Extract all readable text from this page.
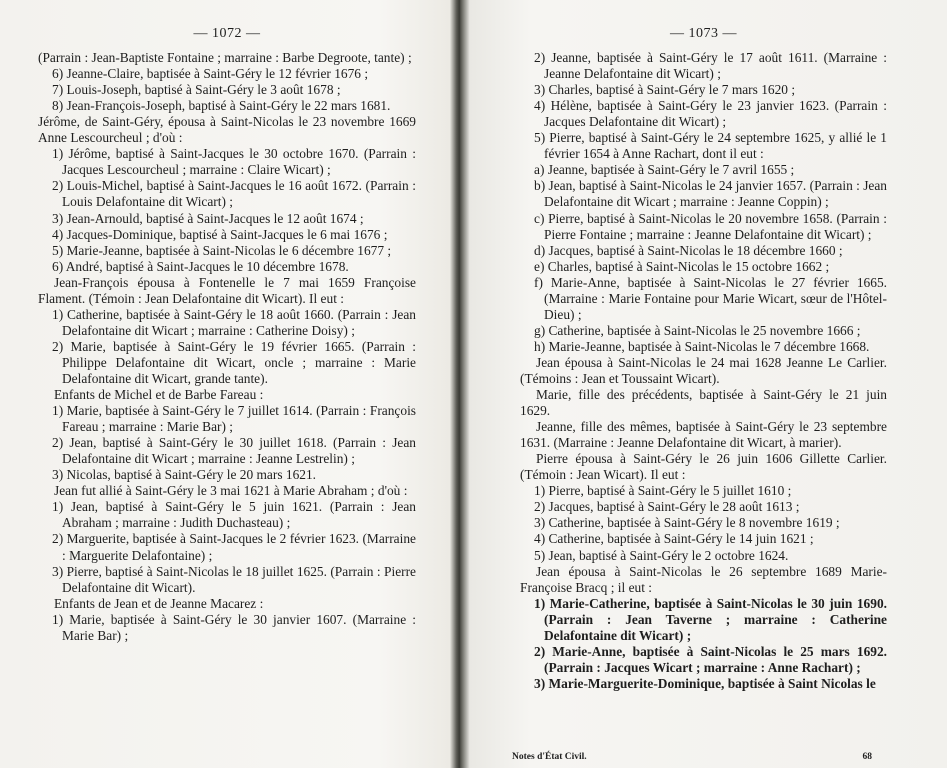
— 1072 —

(Parrain : Jean-Baptiste Fontaine ; marraine : Barbe Degroote, tante) ;

6) Jeanne-Claire, baptisée à Saint-Géry le 12 février 1676 ;

7) Louis-Joseph, baptisé à Saint-Géry le 3 août 1678 ;

8) Jean-François-Joseph, baptisé à Saint-Géry le 22 mars 1681.

Jérôme, de Saint-Géry, épousa à Saint-Nicolas le 23 novembre 1669 Anne Lescourcheul ; d'où :

1) Jérôme, baptisé à Saint-Jacques le 30 octobre 1670. (Parrain : Jacques Lescourcheul ; marraine : Claire Wicart) ;

2) Louis-Michel, baptisé à Saint-Jacques le 16 août 1672. (Parrain : Louis Delafontaine dit Wicart) ;

3) Jean-Arnould, baptisé à Saint-Jacques le 12 août 1674 ;

4) Jacques-Dominique, baptisé à Saint-Jacques le 6 mai 1676 ;

5) Marie-Jeanne, baptisée à Saint-Nicolas le 6 décembre 1677 ;

6) André, baptisé à Saint-Jacques le 10 décembre 1678.

Jean-François épousa à Fontenelle le 7 mai 1659 Françoise Flament. (Témoin : Jean Delafontaine dit Wicart). Il eut :

1) Catherine, baptisée à Saint-Géry le 18 août 1660. (Parrain : Jean Delafontaine dit Wicart ; marraine : Catherine Doisy) ;

2) Marie, baptisée à Saint-Géry le 19 février 1665. (Parrain : Philippe Delafontaine dit Wicart, oncle ; marraine : Marie Delafontaine dit Wicart, grande tante).

Enfants de Michel et de Barbe Fareau :

1) Marie, baptisée à Saint-Géry le 7 juillet 1614. (Parrain : François Fareau ; marraine : Marie Bar) ;

2) Jean, baptisé à Saint-Géry le 30 juillet 1618. (Parrain : Jean Delafontaine dit Wicart ; marraine : Jeanne Lestrelin) ;

3) Nicolas, baptisé à Saint-Géry le 20 mars 1621.

Jean fut allié à Saint-Géry le 3 mai 1621 à Marie Abraham ; d'où :

1) Jean, baptisé à Saint-Géry le 5 juin 1621. (Parrain : Jean Abraham ; marraine : Judith Duchasteau) ;

2) Marguerite, baptisée à Saint-Jacques le 2 février 1623. (Marraine : Marguerite Delafontaine) ;

3) Pierre, baptisé à Saint-Nicolas le 18 juillet 1625. (Parrain : Pierre Delafontaine dit Wicart).

Enfants de Jean et de Jeanne Macarez :

1) Marie, baptisée à Saint-Géry le 30 janvier 1607. (Marraine : Marie Bar) ;

— 1073 —

2) Jeanne, baptisée à Saint-Géry le 17 août 1611. (Marraine : Jeanne Delafontaine dit Wicart) ;

3) Charles, baptisé à Saint-Géry le 7 mars 1620 ;

4) Hélène, baptisée à Saint-Géry le 23 janvier 1623. (Parrain : Jacques Delafontaine dit Wicart) ;

5) Pierre, baptisé à Saint-Géry le 24 septembre 1625, y allié le 1 février 1654 à Anne Rachart, dont il eut :

a) Jeanne, baptisée à Saint-Géry le 7 avril 1655 ;

b) Jean, baptisé à Saint-Nicolas le 24 janvier 1657. (Parrain : Jean Delafontaine dit Wicart ; marraine : Jeanne Coppin) ;

c) Pierre, baptisé à Saint-Nicolas le 20 novembre 1658. (Parrain : Pierre Fontaine ; marraine : Jeanne Delafontaine dit Wicart) ;

d) Jacques, baptisé à Saint-Nicolas le 18 décembre 1660 ;

e) Charles, baptisé à Saint-Nicolas le 15 octobre 1662 ;

f) Marie-Anne, baptisée à Saint-Nicolas le 27 février 1665. (Marraine : Marie Fontaine pour Marie Wicart, sœur de l'Hôtel-Dieu) ;

g) Catherine, baptisée à Saint-Nicolas le 25 novembre 1666 ;

h) Marie-Jeanne, baptisée à Saint-Nicolas le 7 décembre 1668.

Jean épousa à Saint-Nicolas le 24 mai 1628 Jeanne Le Carlier. (Témoins : Jean et Toussaint Wicart).

Marie, fille des précédents, baptisée à Saint-Géry le 21 juin 1629.

Jeanne, fille des mêmes, baptisée à Saint-Géry le 23 septembre 1631. (Marraine : Jeanne Delafontaine dit Wicart, à marier).

Pierre épousa à Saint-Géry le 26 juin 1606 Gillette Carlier. (Témoin : Jean Wicart). Il eut :

1) Pierre, baptisé à Saint-Géry le 5 juillet 1610 ;

2) Jacques, baptisé à Saint-Géry le 28 août 1613 ;

3) Catherine, baptisée à Saint-Géry le 8 novembre 1619 ;

4) Catherine, baptisée à Saint-Géry le 14 juin 1621 ;

5) Jean, baptisé à Saint-Géry le 2 octobre 1624.

Jean épousa à Saint-Nicolas le 26 septembre 1689 Marie-Françoise Bracq ; il eut :

1) Marie-Catherine, baptisée à Saint-Nicolas le 30 juin 1690. (Parrain : Jean Taverne ; marraine : Catherine Delafontaine dit Wicart) ;

2) Marie-Anne, baptisée à Saint-Nicolas le 25 mars 1692. (Parrain : Jacques Wicart ; marraine : Anne Rachart) ;

3) Marie-Marguerite-Dominique, baptisée à Saint Nicolas le

Notes d'État Civil.	68
